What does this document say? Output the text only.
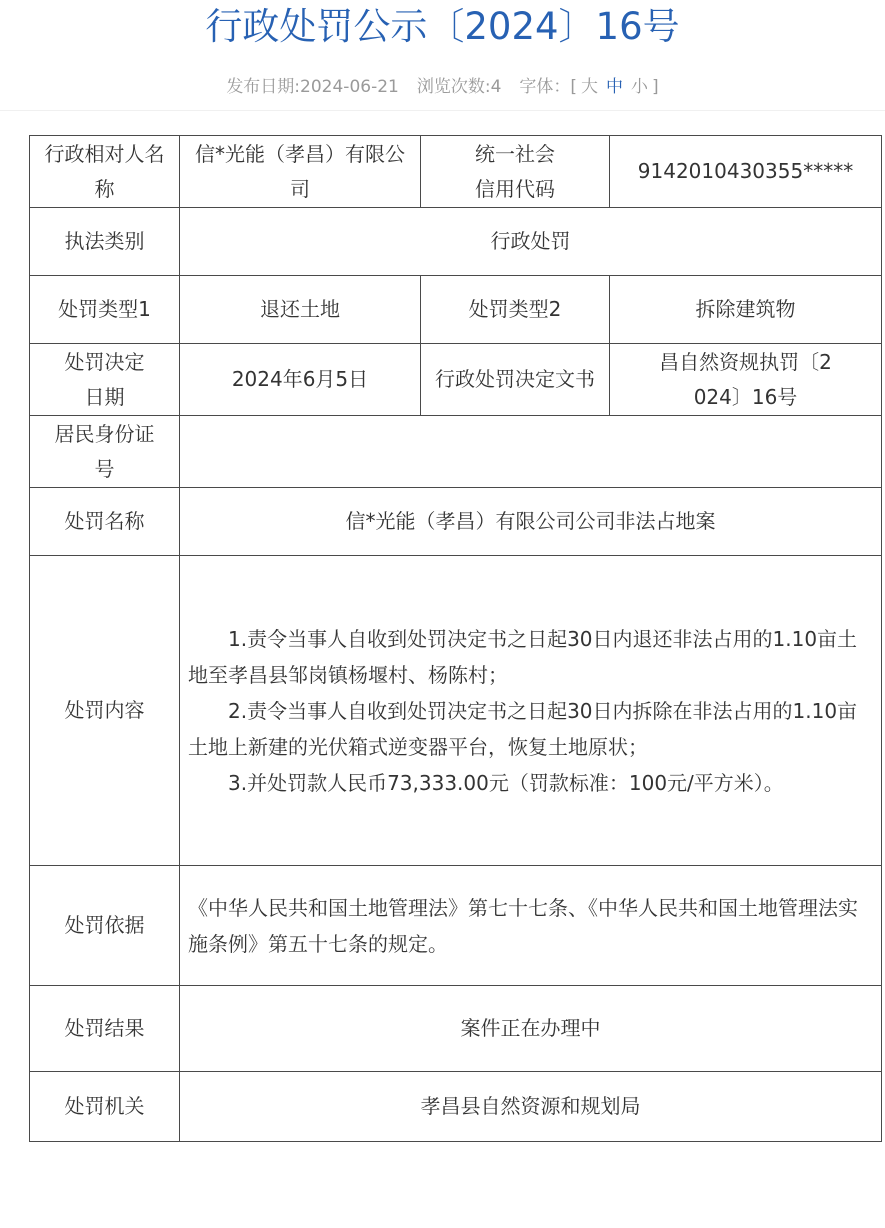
行政处罚公示〔2024〕16号
发布日期:2024-06-21 浏览次数:4 字体：[ 大 中 小 ]
行政相对人名称	信*光能（孝昌）有限公司	统一社会信用代码	9142010430355*****
执法类别	行政处罚		
处罚类型1	退还土地	处罚类型2	拆除建筑物
处罚决定日期	2024年6月5日	行政处罚决定文书	昌自然资规执罚〔2024〕16号
居民身份证号			
处罚名称	信*光能（孝昌）有限公司公司非法占地案		
处罚内容	1.责令当事人自收到处罚决定书之日起30日内退还非法占用的1.10亩土地至孝昌县邹岗镇杨堰村、杨陈村；

2.责令当事人自收到处罚决定书之日起30日内拆除在非法占用的1.10亩土地上新建的光伏箱式逆变器平台，恢复土地原状；

3.并处罚款人民币73,333.00元（罚款标准：100元/平方米）。		

处罚依据	《中华人民共和国土地管理法》第七十七条、《中华人民共和国土地管理法实施条例》第五十七条的规定。		
处罚结果	案件正在办理中		
处罚机关	孝昌县自然资源和规划局		
